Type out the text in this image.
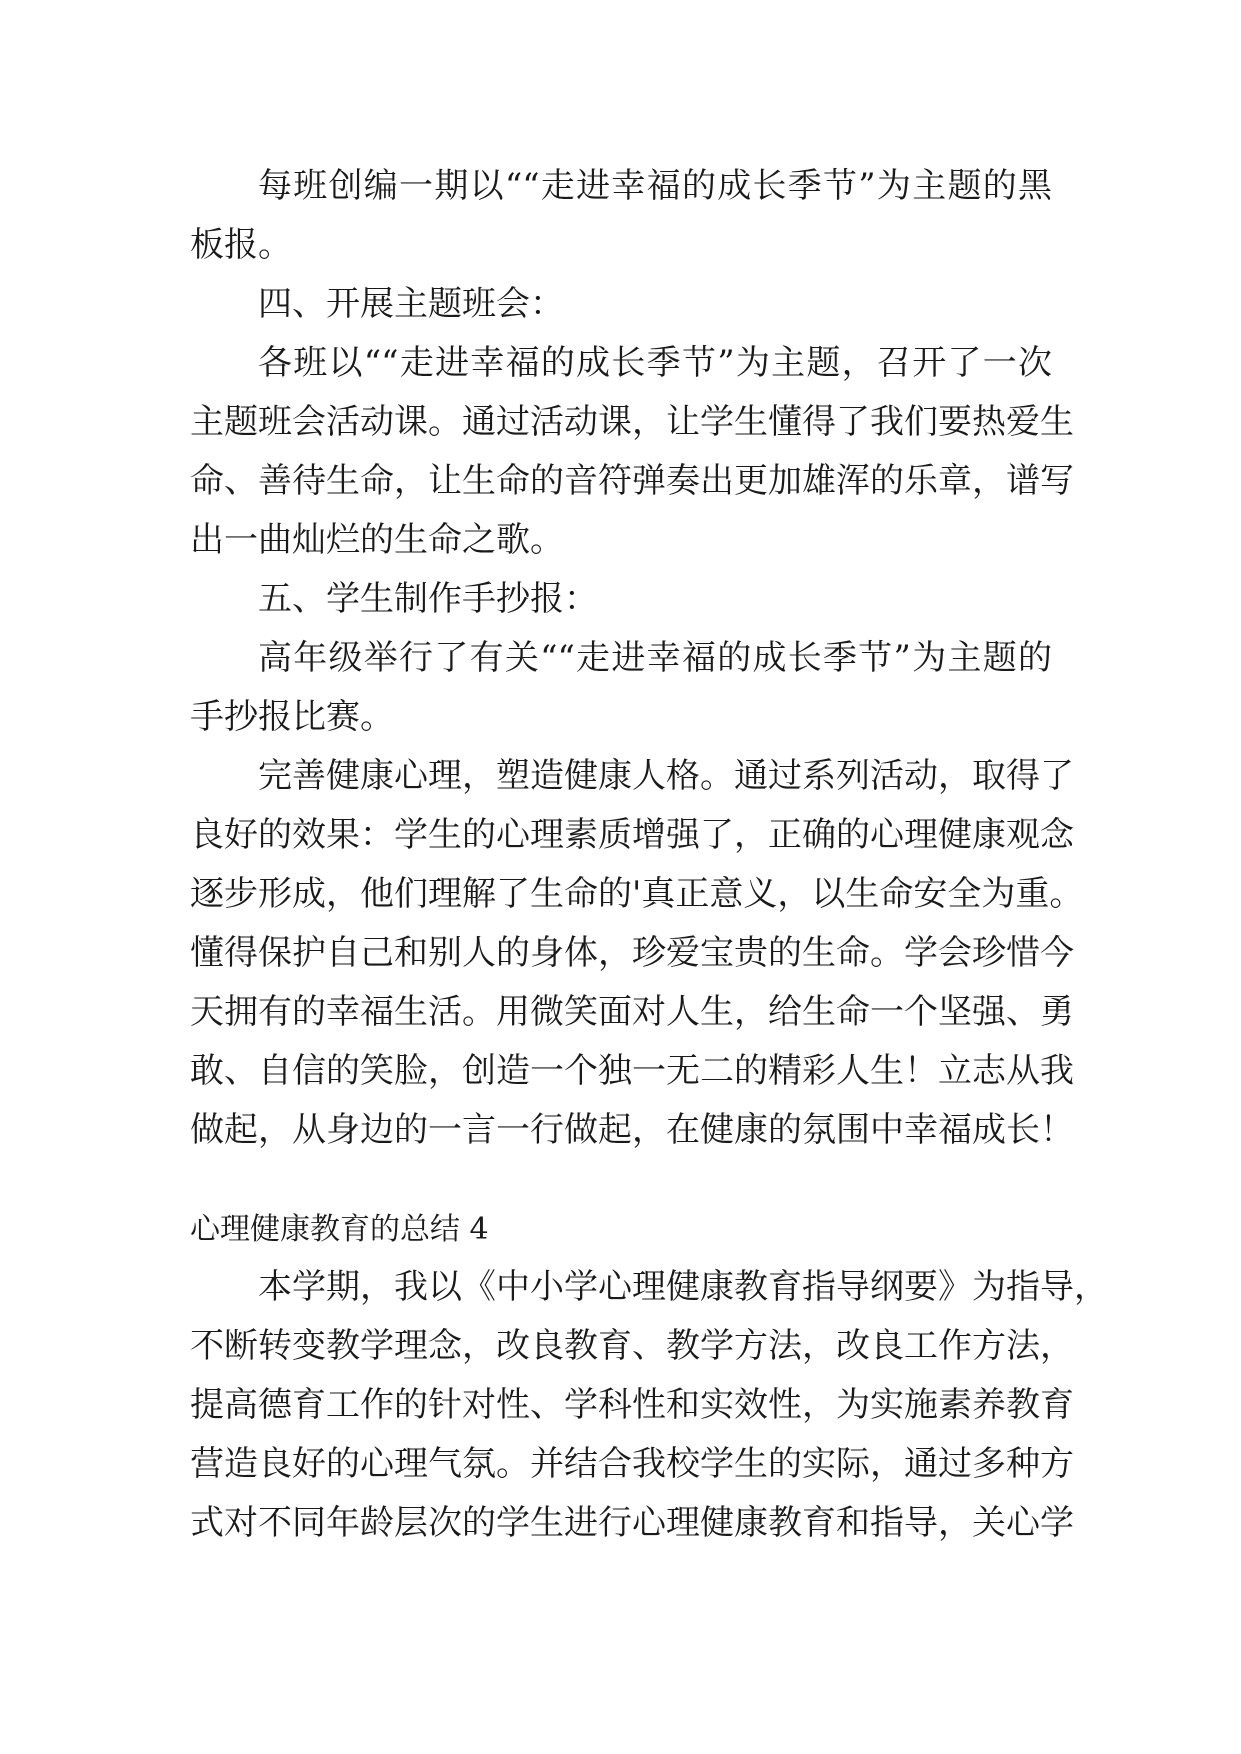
每班创编一期以““走进幸福的成长季节”为主题的黑
板报。
四、开展主题班会：
各班以““走进幸福的成长季节”为主题，召开了一次
主题班会活动课。通过活动课，让学生懂得了我们要热爱生
命、善待生命，让生命的音符弹奏出更加雄浑的乐章，谱写
出一曲灿烂的生命之歌。
五、学生制作手抄报：
高年级举行了有关““走进幸福的成长季节”为主题的
手抄报比赛。
完善健康心理，塑造健康人格。通过系列活动，取得了
良好的效果：学生的心理素质增强了，正确的心理健康观念
逐步形成，他们理解了生命的'真正意义，以生命安全为重。
懂得保护自己和别人的身体，珍爱宝贵的生命。学会珍惜今
天拥有的幸福生活。用微笑面对人生，给生命一个坚强、勇
敢、自信的笑脸，创造一个独一无二的精彩人生！立志从我
做起，从身边的一言一行做起，在健康的氛围中幸福成长！
心理健康教育的总结 4
本学期，我以《中小学心理健康教育指导纲要》为指导，
不断转变教学理念，改良教育、教学方法，改良工作方法，
提高德育工作的针对性、学科性和实效性，为实施素养教育
营造良好的心理气氛。并结合我校学生的实际，通过多种方
式对不同年龄层次的学生进行心理健康教育和指导，关心学
